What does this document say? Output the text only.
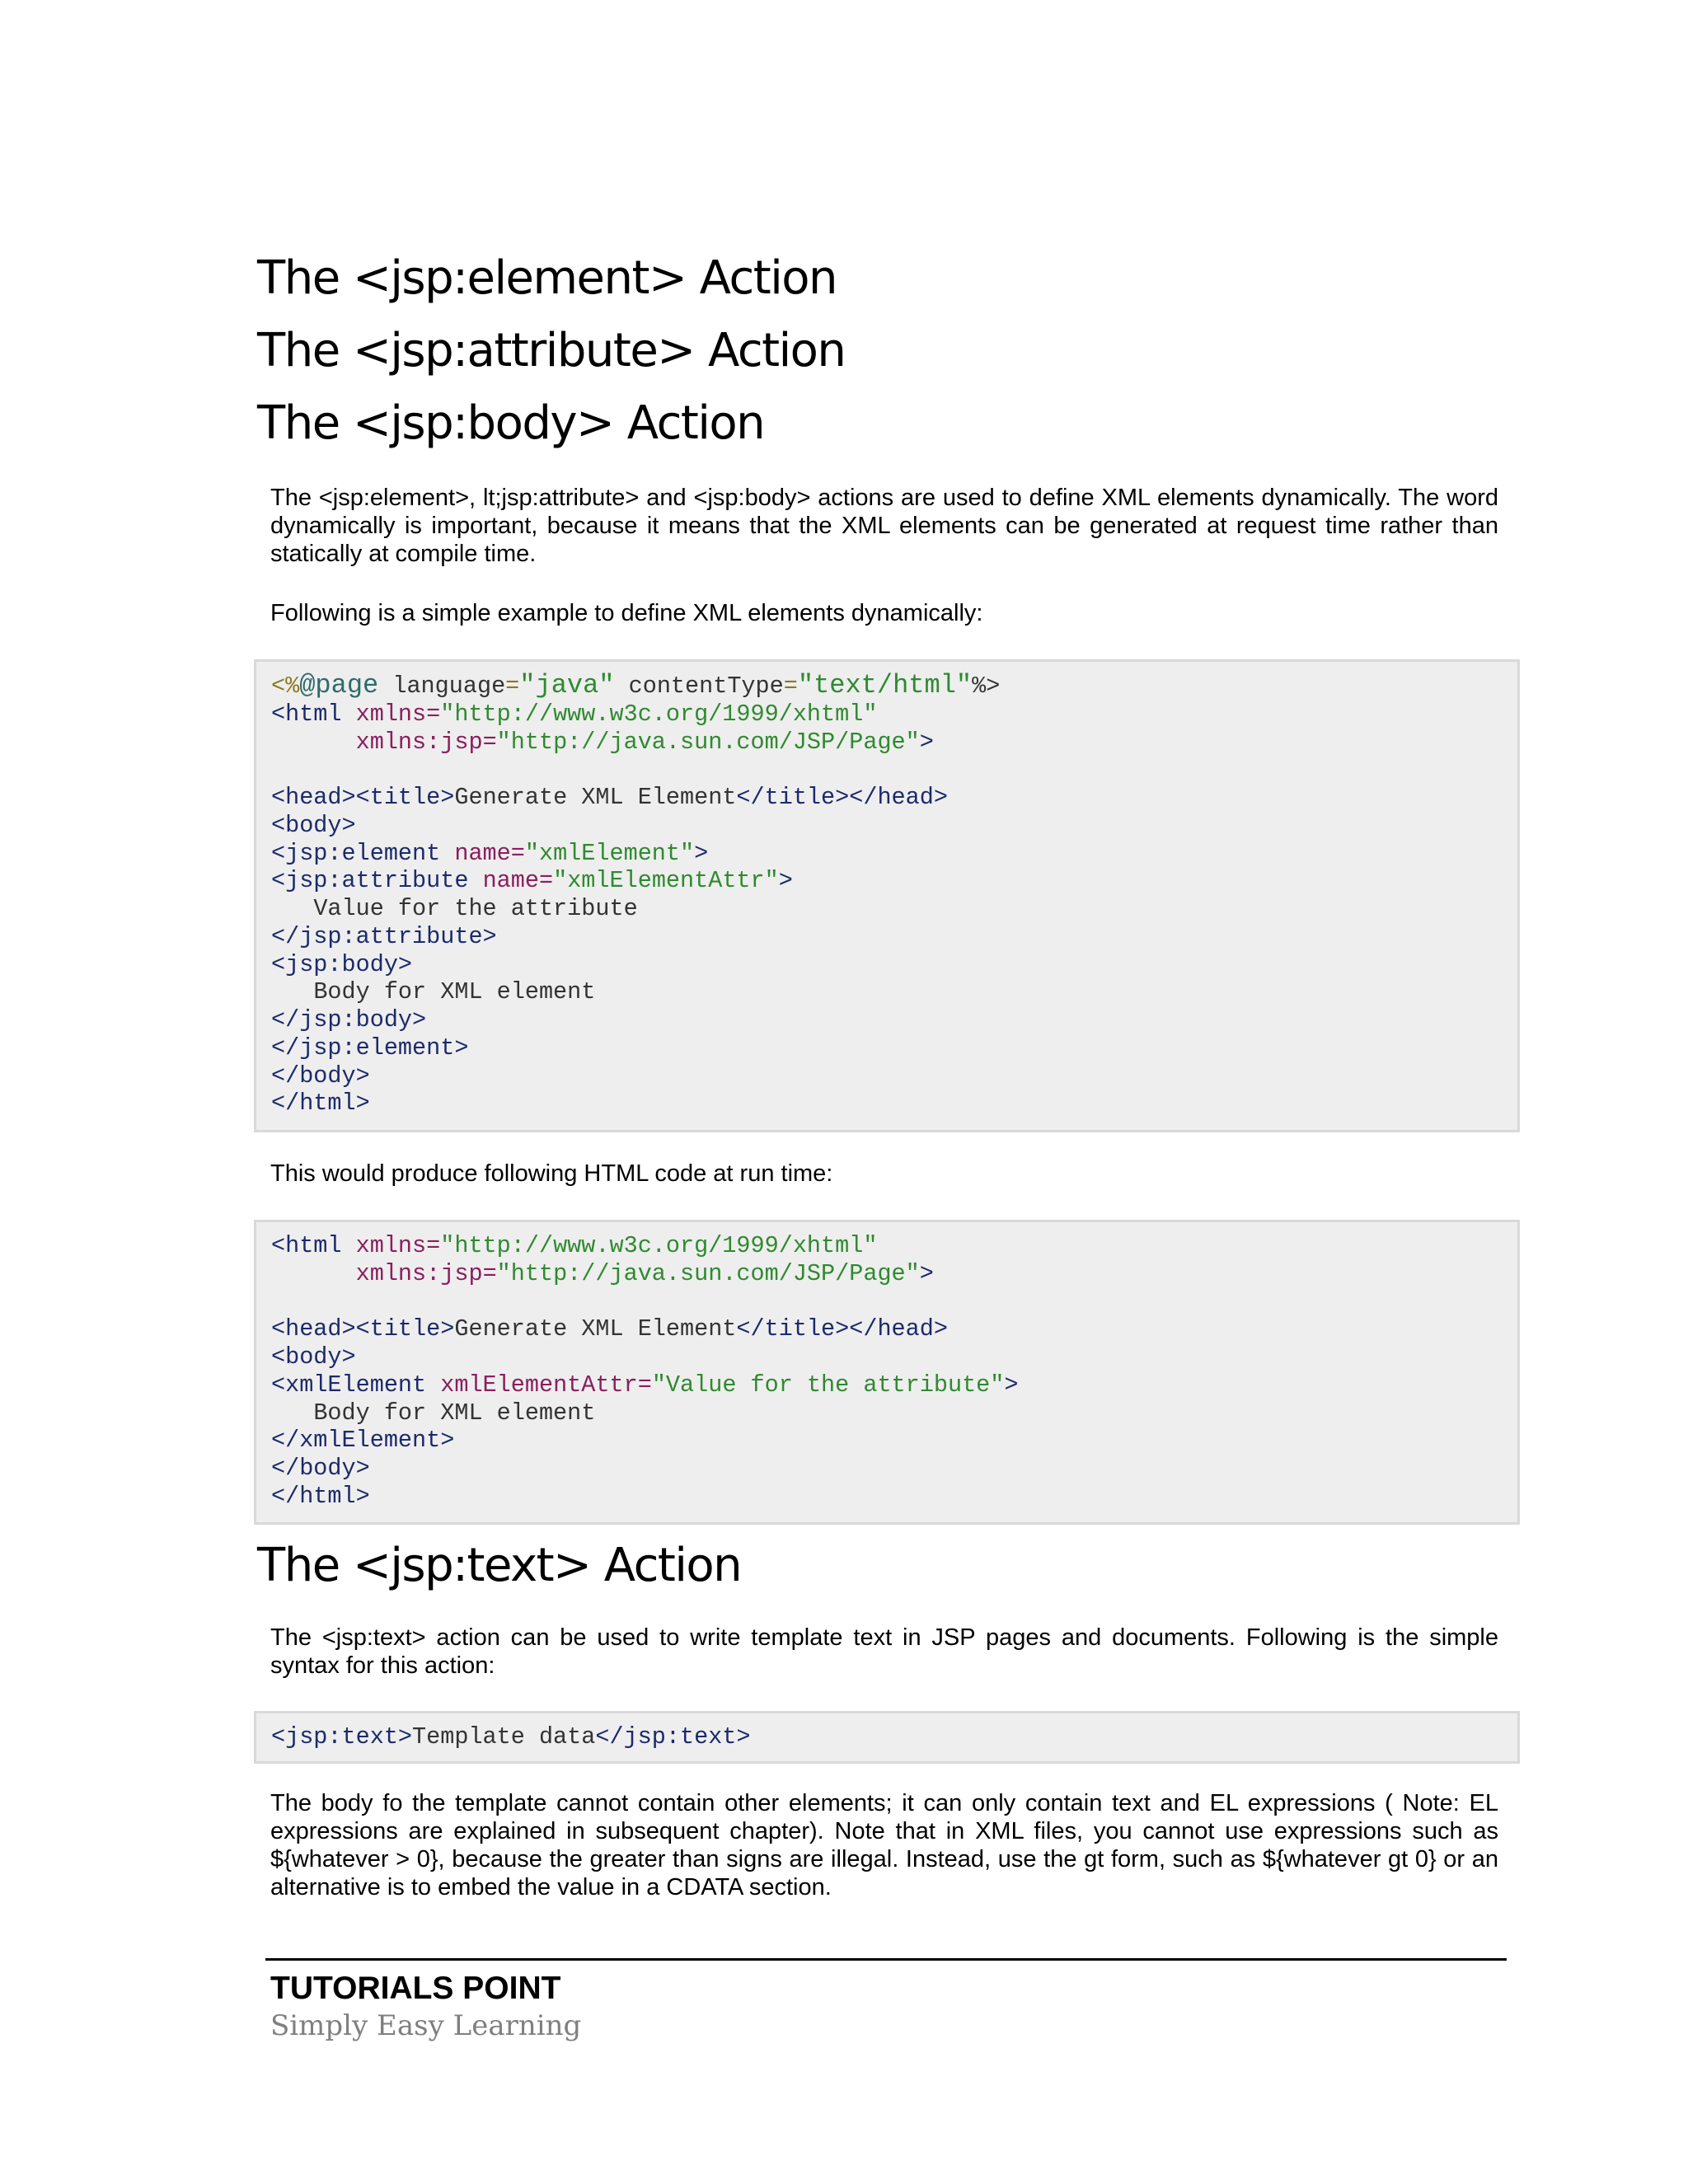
The <jsp:element> Action
The <jsp:attribute> Action
The <jsp:body> Action

The <jsp:element>, lt;jsp:attribute> and <jsp:body> actions are used to define XML elements dynamically. The word dynamically is important, because it means that the XML elements can be generated at request time rather than statically at compile time.

Following is a simple example to define XML elements dynamically:

<%@page language="java" contentType="text/html"%>
<html xmlns="http://www.w3c.org/1999/xhtml"
xmlns:jsp="http://java.sun.com/JSP/Page">

<head><title>Generate XML Element</title></head>
<body>
<jsp:element name="xmlElement">
<jsp:attribute name="xmlElementAttr">
Value for the attribute
</jsp:attribute>
<jsp:body>
Body for XML element
</jsp:body>
</jsp:element>
</body>
</html>

This would produce following HTML code at run time:

<html xmlns="http://www.w3c.org/1999/xhtml"
xmlns:jsp="http://java.sun.com/JSP/Page">

<head><title>Generate XML Element</title></head>
<body>
<xmlElement xmlElementAttr="Value for the attribute">
Body for XML element
</xmlElement>
</body>
</html>
The <jsp:text> Action

The <jsp:text> action can be used to write template text in JSP pages and documents. Following is the simple syntax for this action:

<jsp:text>Template data</jsp:text>

The body fo the template cannot contain other elements; it can only contain text and EL expressions ( Note: EL expressions are explained in subsequent chapter). Note that in XML files, you cannot use expressions such as ${whatever > 0}, because the greater than signs are illegal. Instead, use the gt form, such as ${whatever gt 0} or an alternative is to embed the value in a CDATA section.

TUTORIALS POINT

Simply Easy Learning
